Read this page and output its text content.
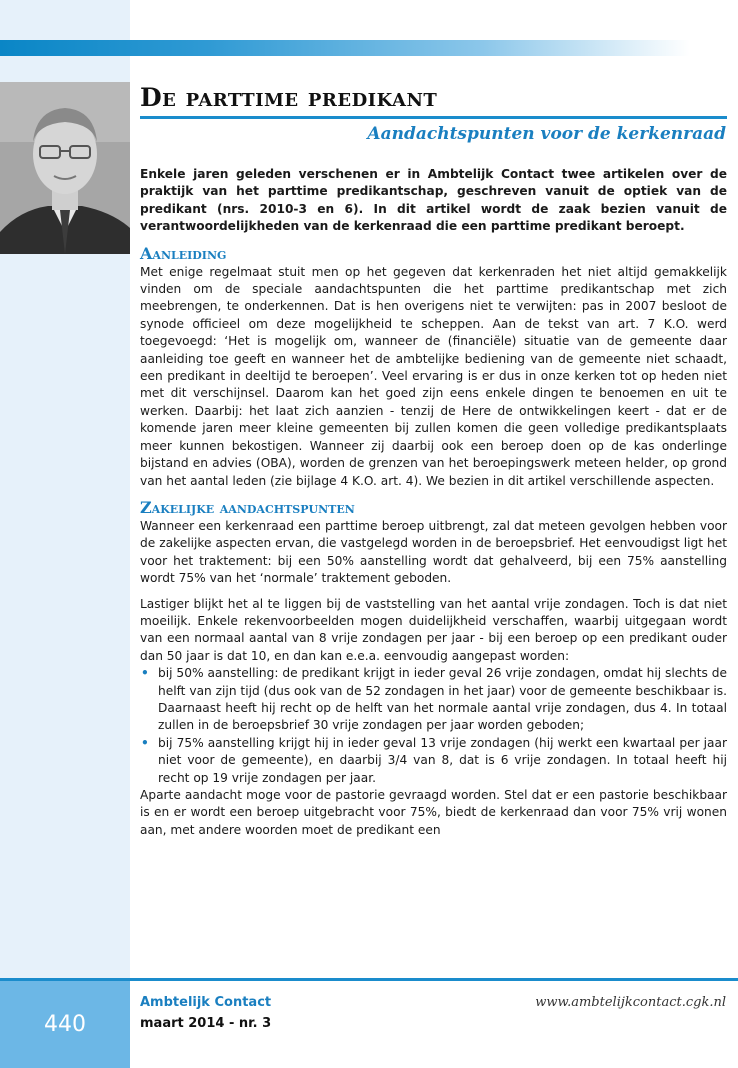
De parttime predikant
Aandachtspunten voor de kerkenraad

Enkele jaren geleden verschenen er in Ambtelijk Contact twee artikelen over de praktijk van het parttime predikantschap, geschreven vanuit de optiek van de predikant (nrs. 2010-3 en 6). In dit artikel wordt de zaak bezien vanuit de verantwoordelijkheden van de kerkenraad die een parttime predikant beroept.

Aanleiding

Met enige regelmaat stuit men op het gegeven dat kerkenraden het niet altijd gemakkelijk vinden om de speciale aandachtspunten die het parttime predikantschap met zich meebrengen, te onderkennen. Dat is hen overigens niet te verwijten: pas in 2007 besloot de synode officieel om deze mogelijkheid te scheppen. Aan de tekst van art. 7 K.O. werd toegevoegd: ‘Het is mogelijk om, wanneer de (financiële) situatie van de gemeente daar aanleiding toe geeft en wanneer het de ambtelijke bediening van de gemeente niet schaadt, een predikant in deeltijd te beroepen’. Veel ervaring is er dus in onze kerken tot op heden niet met dit verschijnsel. Daarom kan het goed zijn eens enkele dingen te benoemen en uit te werken. Daarbij: het laat zich aanzien - tenzij de Here de ontwikkelingen keert - dat er de komende jaren meer kleine gemeenten bij zullen komen die geen volledige predikantsplaats meer kunnen bekostigen. Wanneer zij daarbij ook een beroep doen op de kas onderlinge bijstand en advies (OBA), worden de grenzen van het beroepingswerk meteen helder, op grond van het aantal leden (zie bijlage 4 K.O. art. 4). We bezien in dit artikel verschillende aspecten.

Zakelijke aandachtspunten

Wanneer een kerkenraad een parttime beroep uitbrengt, zal dat meteen gevolgen hebben voor de zakelijke aspecten ervan, die vastgelegd worden in de beroepsbrief. Het eenvoudigst ligt het voor het traktement: bij een 50% aanstelling wordt dat gehalveerd, bij een 75% aanstelling wordt 75% van het ‘normale’ traktement geboden.

Lastiger blijkt het al te liggen bij de vaststelling van het aantal vrije zondagen. Toch is dat niet moeilijk. Enkele rekenvoorbeelden mogen duidelijkheid verschaffen, waarbij uitgegaan wordt van een normaal aantal van 8 vrije zondagen per jaar - bij een beroep op een predikant ouder dan 50 jaar is dat 10, en dan kan e.e.a. eenvoudig aangepast worden:

• bij 50% aanstelling: de predikant krijgt in ieder geval 26 vrije zondagen, omdat hij slechts de helft van zijn tijd (dus ook van de 52 zondagen in het jaar) voor de gemeente beschikbaar is. Daarnaast heeft hij recht op de helft van het normale aantal vrije zondagen, dus 4. In totaal zullen in de beroepsbrief 30 vrije zondagen per jaar worden geboden;
• bij 75% aanstelling krijgt hij in ieder geval 13 vrije zondagen (hij werkt een kwartaal per jaar niet voor de gemeente), en daarbij 3/4 van 8, dat is 6 vrije zondagen. In totaal heeft hij recht op 19 vrije zondagen per jaar.

Aparte aandacht moge voor de pastorie gevraagd worden. Stel dat er een pastorie beschikbaar is en er wordt een beroep uitgebracht voor 75%, biedt de kerkenraad dan voor 75% vrij wonen aan, met andere woorden moet de predikant een

440
Ambtelijk Contact
maart 2014 - nr. 3
www.ambtelijkcontact.cgk.nl
